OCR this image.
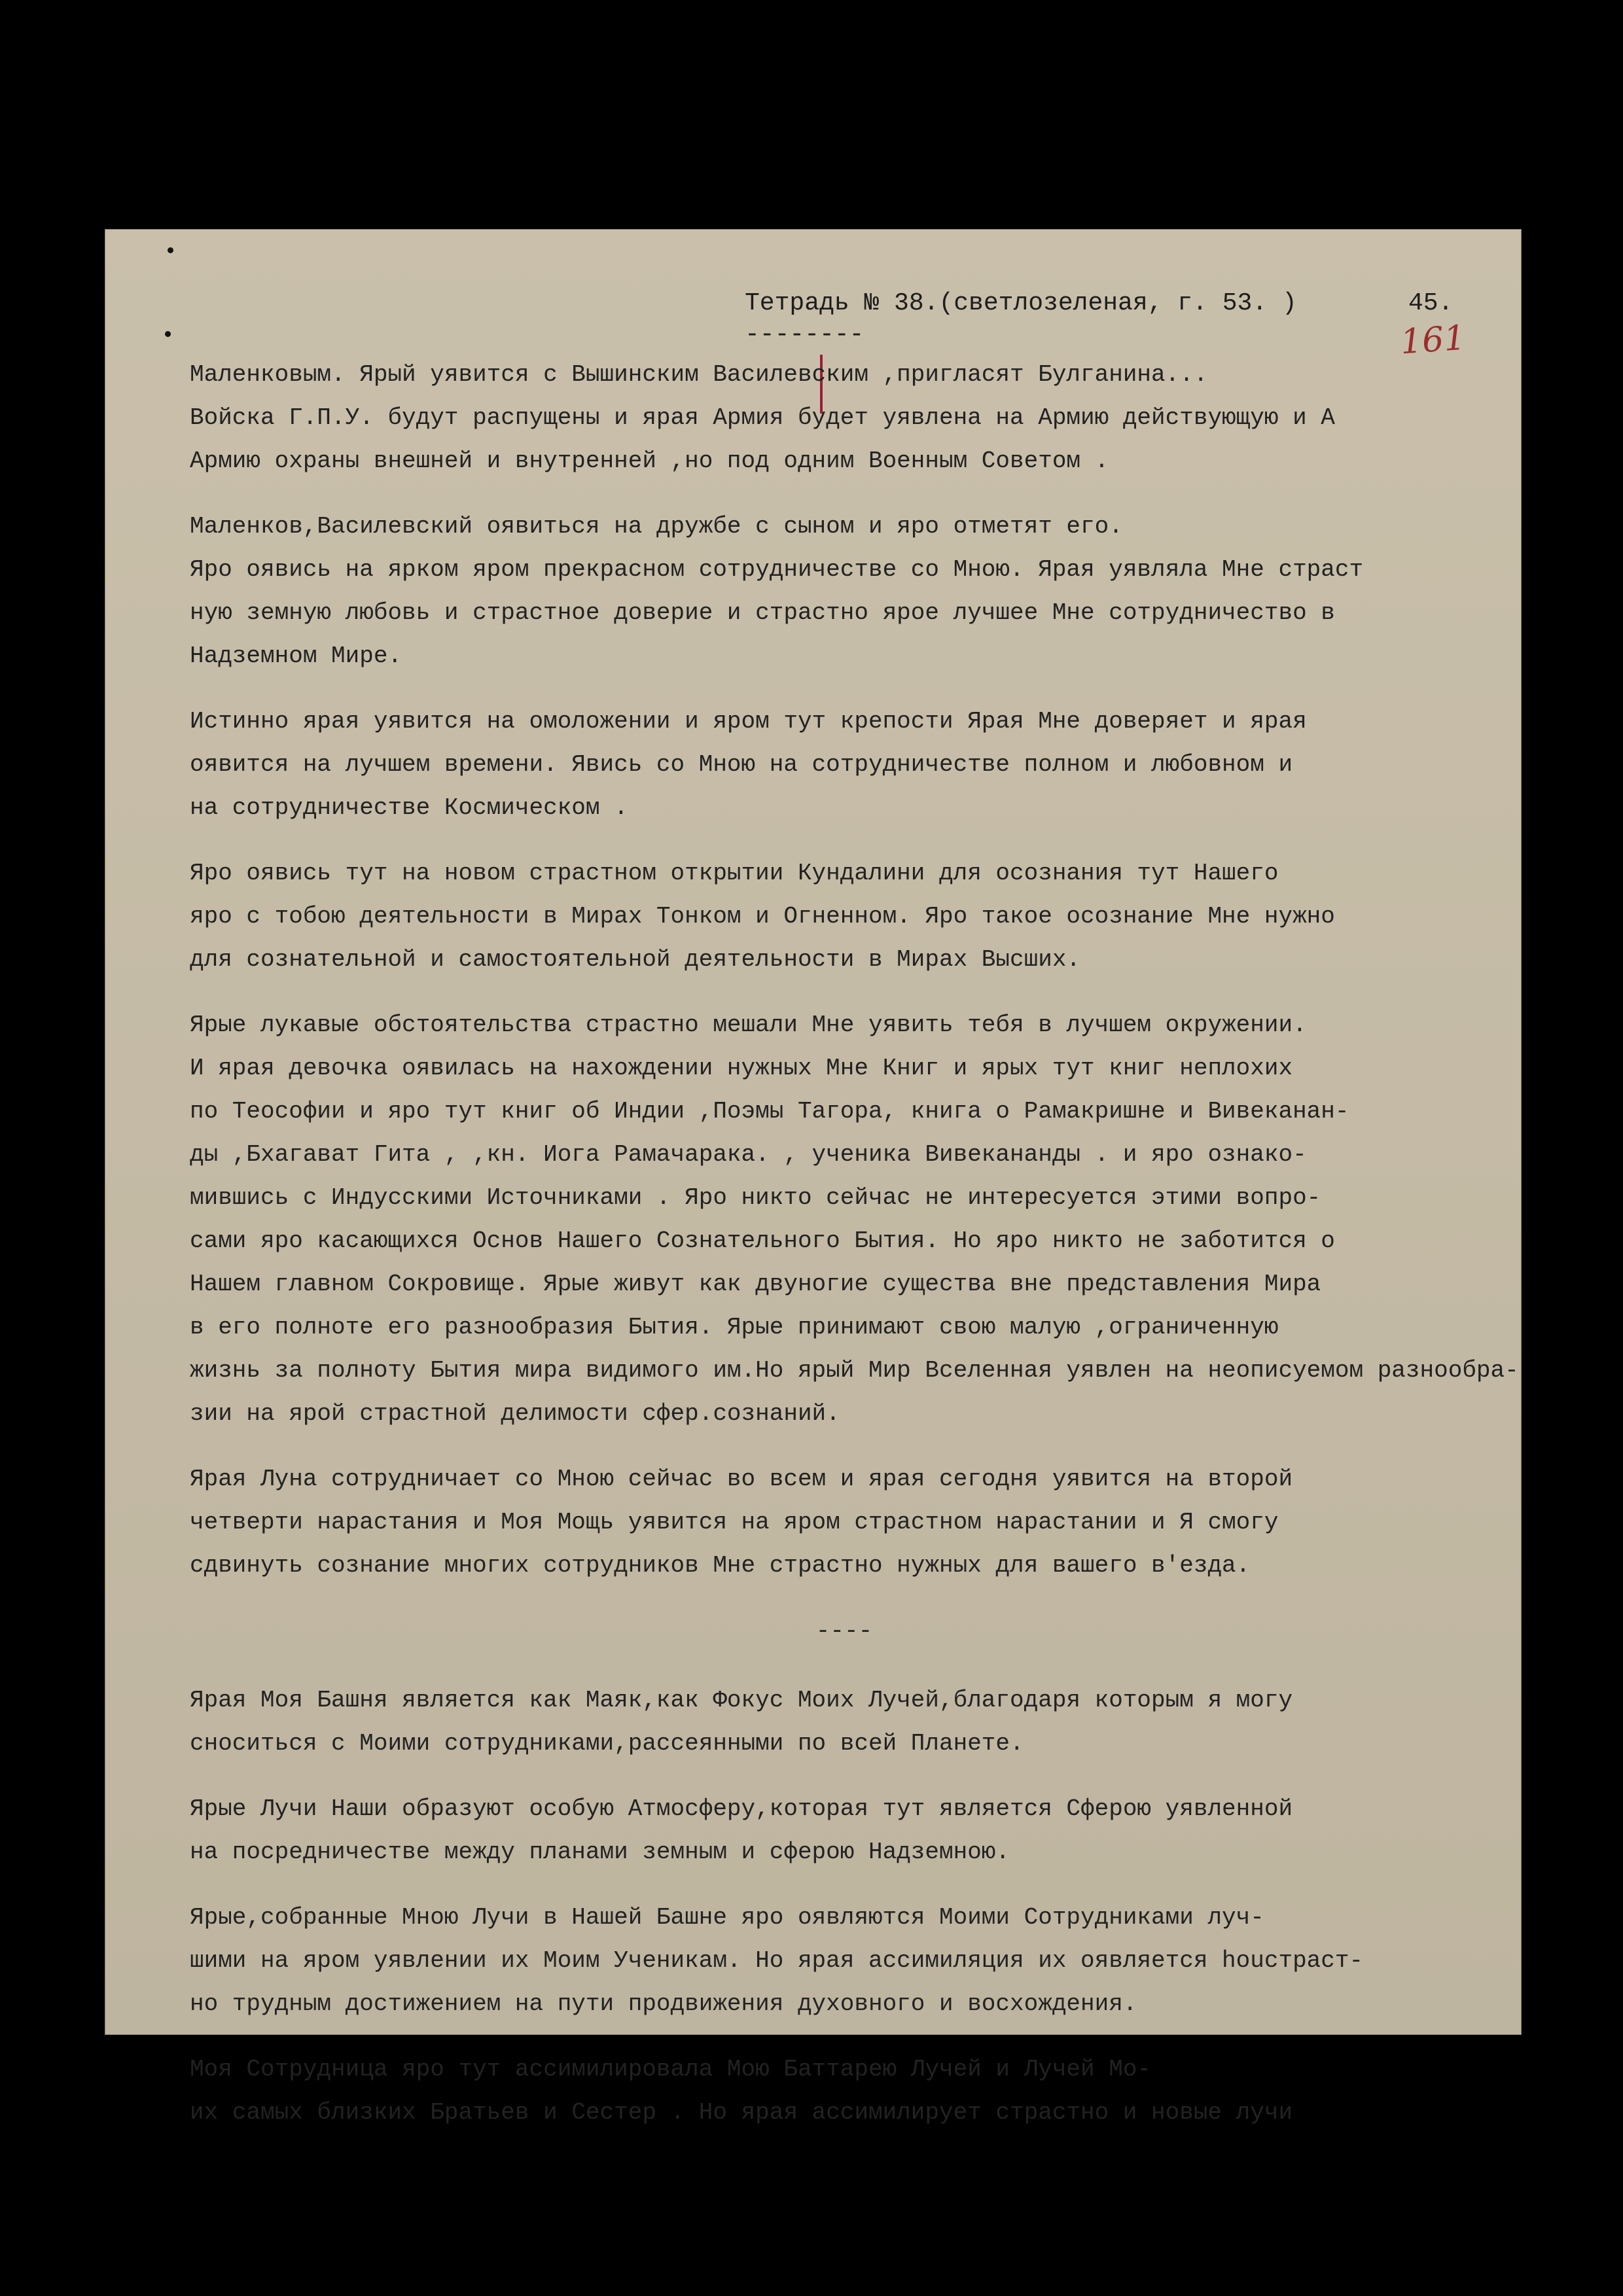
Тетрадь № 38.(светлозеленая, г. 53. )
--------
45.
161
Маленковым. Ярый уявится с Вышинским Василевским ,пригласят Булганина...
Войска Г.П.У. будут распущены и ярая Армия будет уявлена на Армию действующую и А
Армию охраны внешней и внутренней ,но под одним Военным Советом .
Маленков,Василевский оявиться на дружбе с сыном и яро отметят его.
Яро оявись на ярком яром прекрасном сотрудничестве со Мною. Ярая уявляла Мне страст
ную земную любовь и страстное доверие и страстно ярое лучшее Мне сотрудничество в
Надземном Мире.
Истинно ярая уявится на омоложении и яром тут крепости Ярая Мне доверяет и ярая
оявится на лучшем времени. Явись со Мною на сотрудничестве полном и любовном и
на сотрудничестве Космическом .
Яро оявись тут на новом страстном открытии Кундалини для осознания тут Нашего
яро с тобою деятельности в Мирах Тонком и Огненном. Яро такое осознание Мне нужно
для сознательной и самостоятельной деятельности в Мирах Высших.
Ярые лукавые обстоятельства страстно мешали Мне уявить тебя в лучшем окружении.
И ярая девочка оявилась на нахождении нужных Мне Книг и ярых тут книг неплохих
по Теософии и яро тут книг об Индии ,Поэмы Тагора, книга о Рамакришне и Вивеканан-
ды ,Бхагават Гита , ,кн. Иога Рамачарака. , ученика Вивекананды . и яро ознако-
мившись с Индусскими Источниками . Яро никто сейчас не интересуется этими вопро-
сами яро касающихся Основ Нашего Сознательного Бытия. Но яро никто не заботится о
Нашем главном Сокровище. Ярые живут как двуногие существа вне представления Мира
в его полноте его разнообразия Бытия. Ярые принимают свою малую ,ограниченную
жизнь за полноту Бытия мира видимого им.Но ярый Мир Вселенная уявлен на неописуемом разнообра-
зии на ярой страстной делимости сфер.сознаний.
Ярая Луна сотрудничает со Мною сейчас во всем и ярая сегодня уявится на второй
четверти нарастания и Моя Мощь уявится на яром страстном нарастании и Я смогу
сдвинуть сознание многих сотрудников Мне страстно нужных для вашего в'езда.
----
Ярая Моя Башня является как Маяк,как Фокус Моих Лучей,благодаря которым я могу
сноситься с Моими сотрудниками,рассеянными по всей Планете.
Ярые Лучи Наши образуют особую Атмосферу,которая тут является Сферою уявленной
на посредничестве между планами земным и сферою Надземною.
Ярые,собранные Мною Лучи в Нашей Башне яро оявляются Моими Сотрудниками луч-
шими на яром уявлении их Моим Ученикам. Но ярая ассимиляция их оявляется houстраст-
но трудным достижением на пути продвижения духовного и восхождения.
Моя Сотрудница яро тут ассимилировала Мою Баттарею Лучей и Лучей Мо-
их самых близких Братьев и Сестер . Но ярая ассимилирует страстно и новые лучи
